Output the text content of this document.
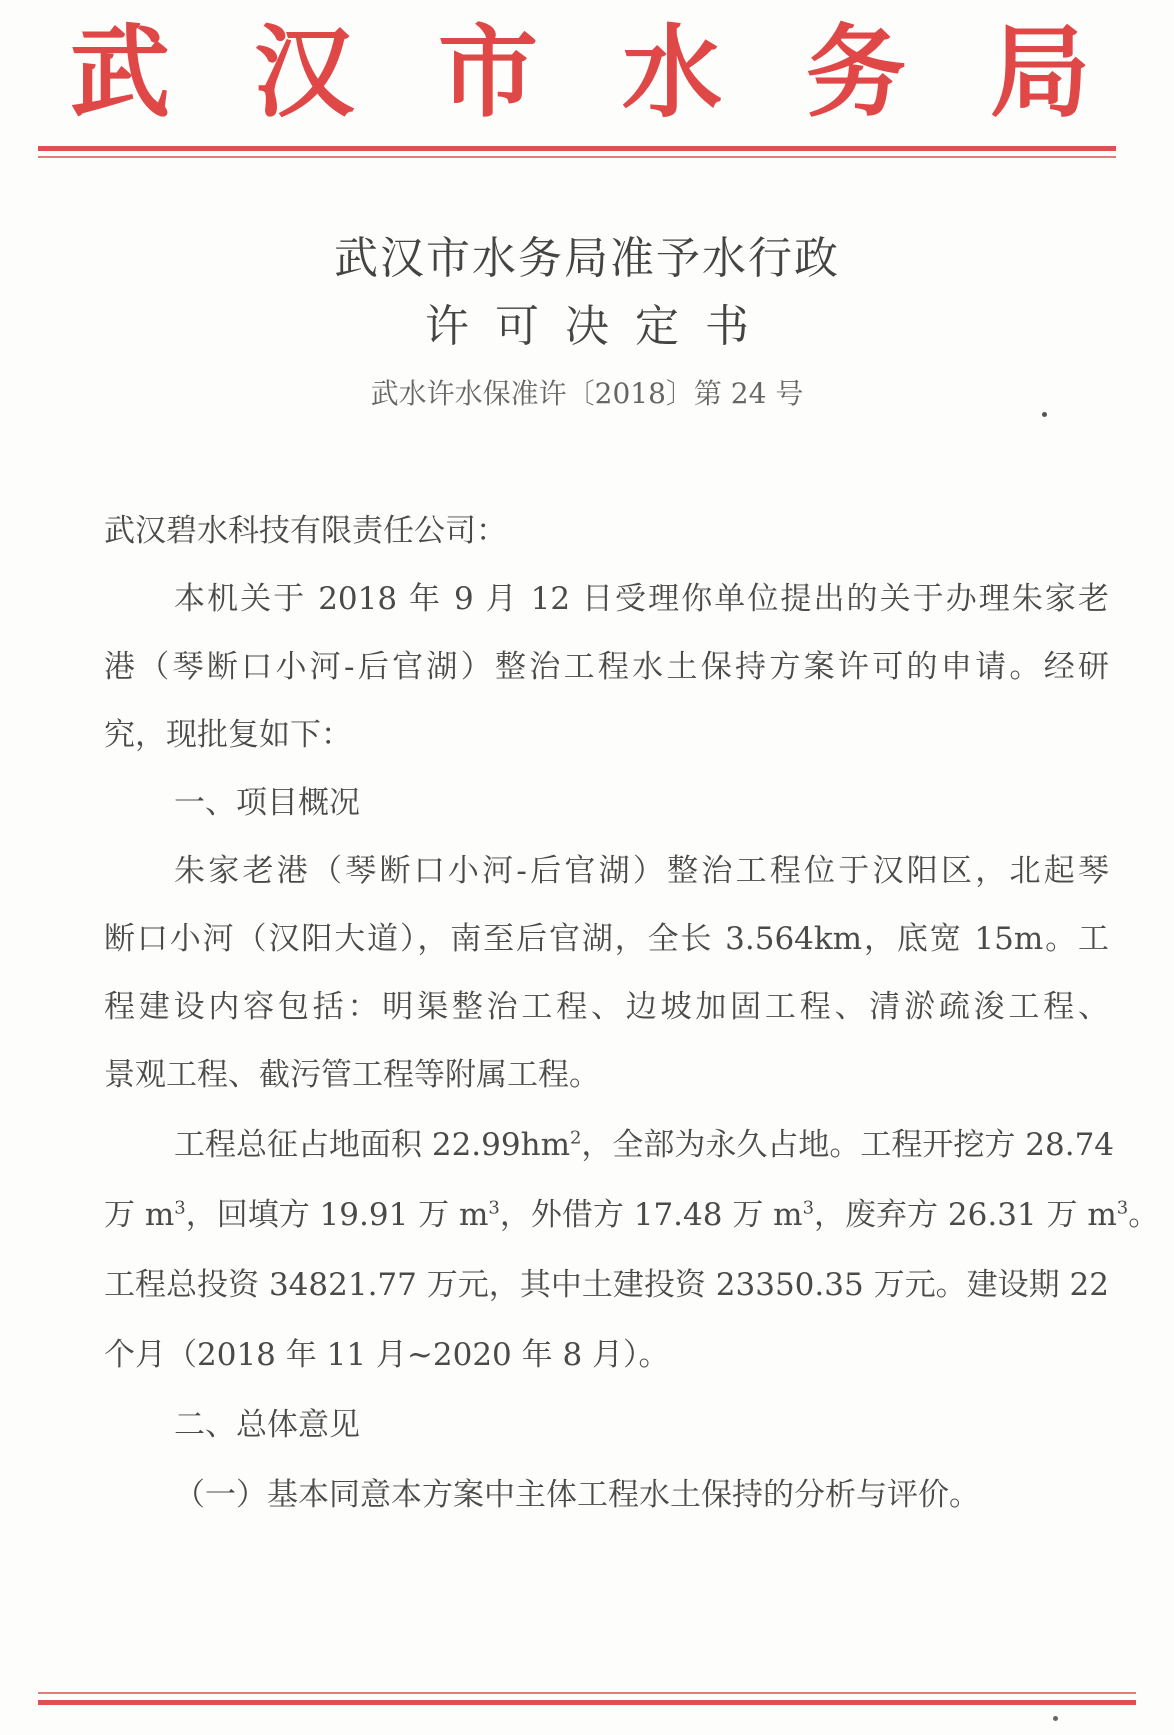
武 汉 市 水 务 局
武汉市水务局准予水行政
许可决定书
武水许水保准许〔2018〕第 24 号
武汉碧水科技有限责任公司：
本机关于 2018 年 9 月 12 日受理你单位提出的关于办理朱家老
港（琴断口小河-后官湖）整治工程水土保持方案许可的申请。经研
究，现批复如下：
一、项目概况
朱家老港（琴断口小河-后官湖）整治工程位于汉阳区，北起琴
断口小河（汉阳大道），南至后官湖，全长 3.564km，底宽 15m。工
程建设内容包括：明渠整治工程、边坡加固工程、清淤疏浚工程、
景观工程、截污管工程等附属工程。
工程总征占地面积 $22.99hm^2$，全部为永久占地。工程开挖方 28.74
万 $m^3$，回填方 19.91 万 $m^3$，外借方 17.48 万 $m^3$，废弃方 26.31 万 $m^3$。
工程总投资 34821.77 万元，其中土建投资 23350.35 万元。建设期 22
个月（2018 年 11 月~2020 年 8 月）。
二、总体意见
（一）基本同意本方案中主体工程水土保持的分析与评价。
